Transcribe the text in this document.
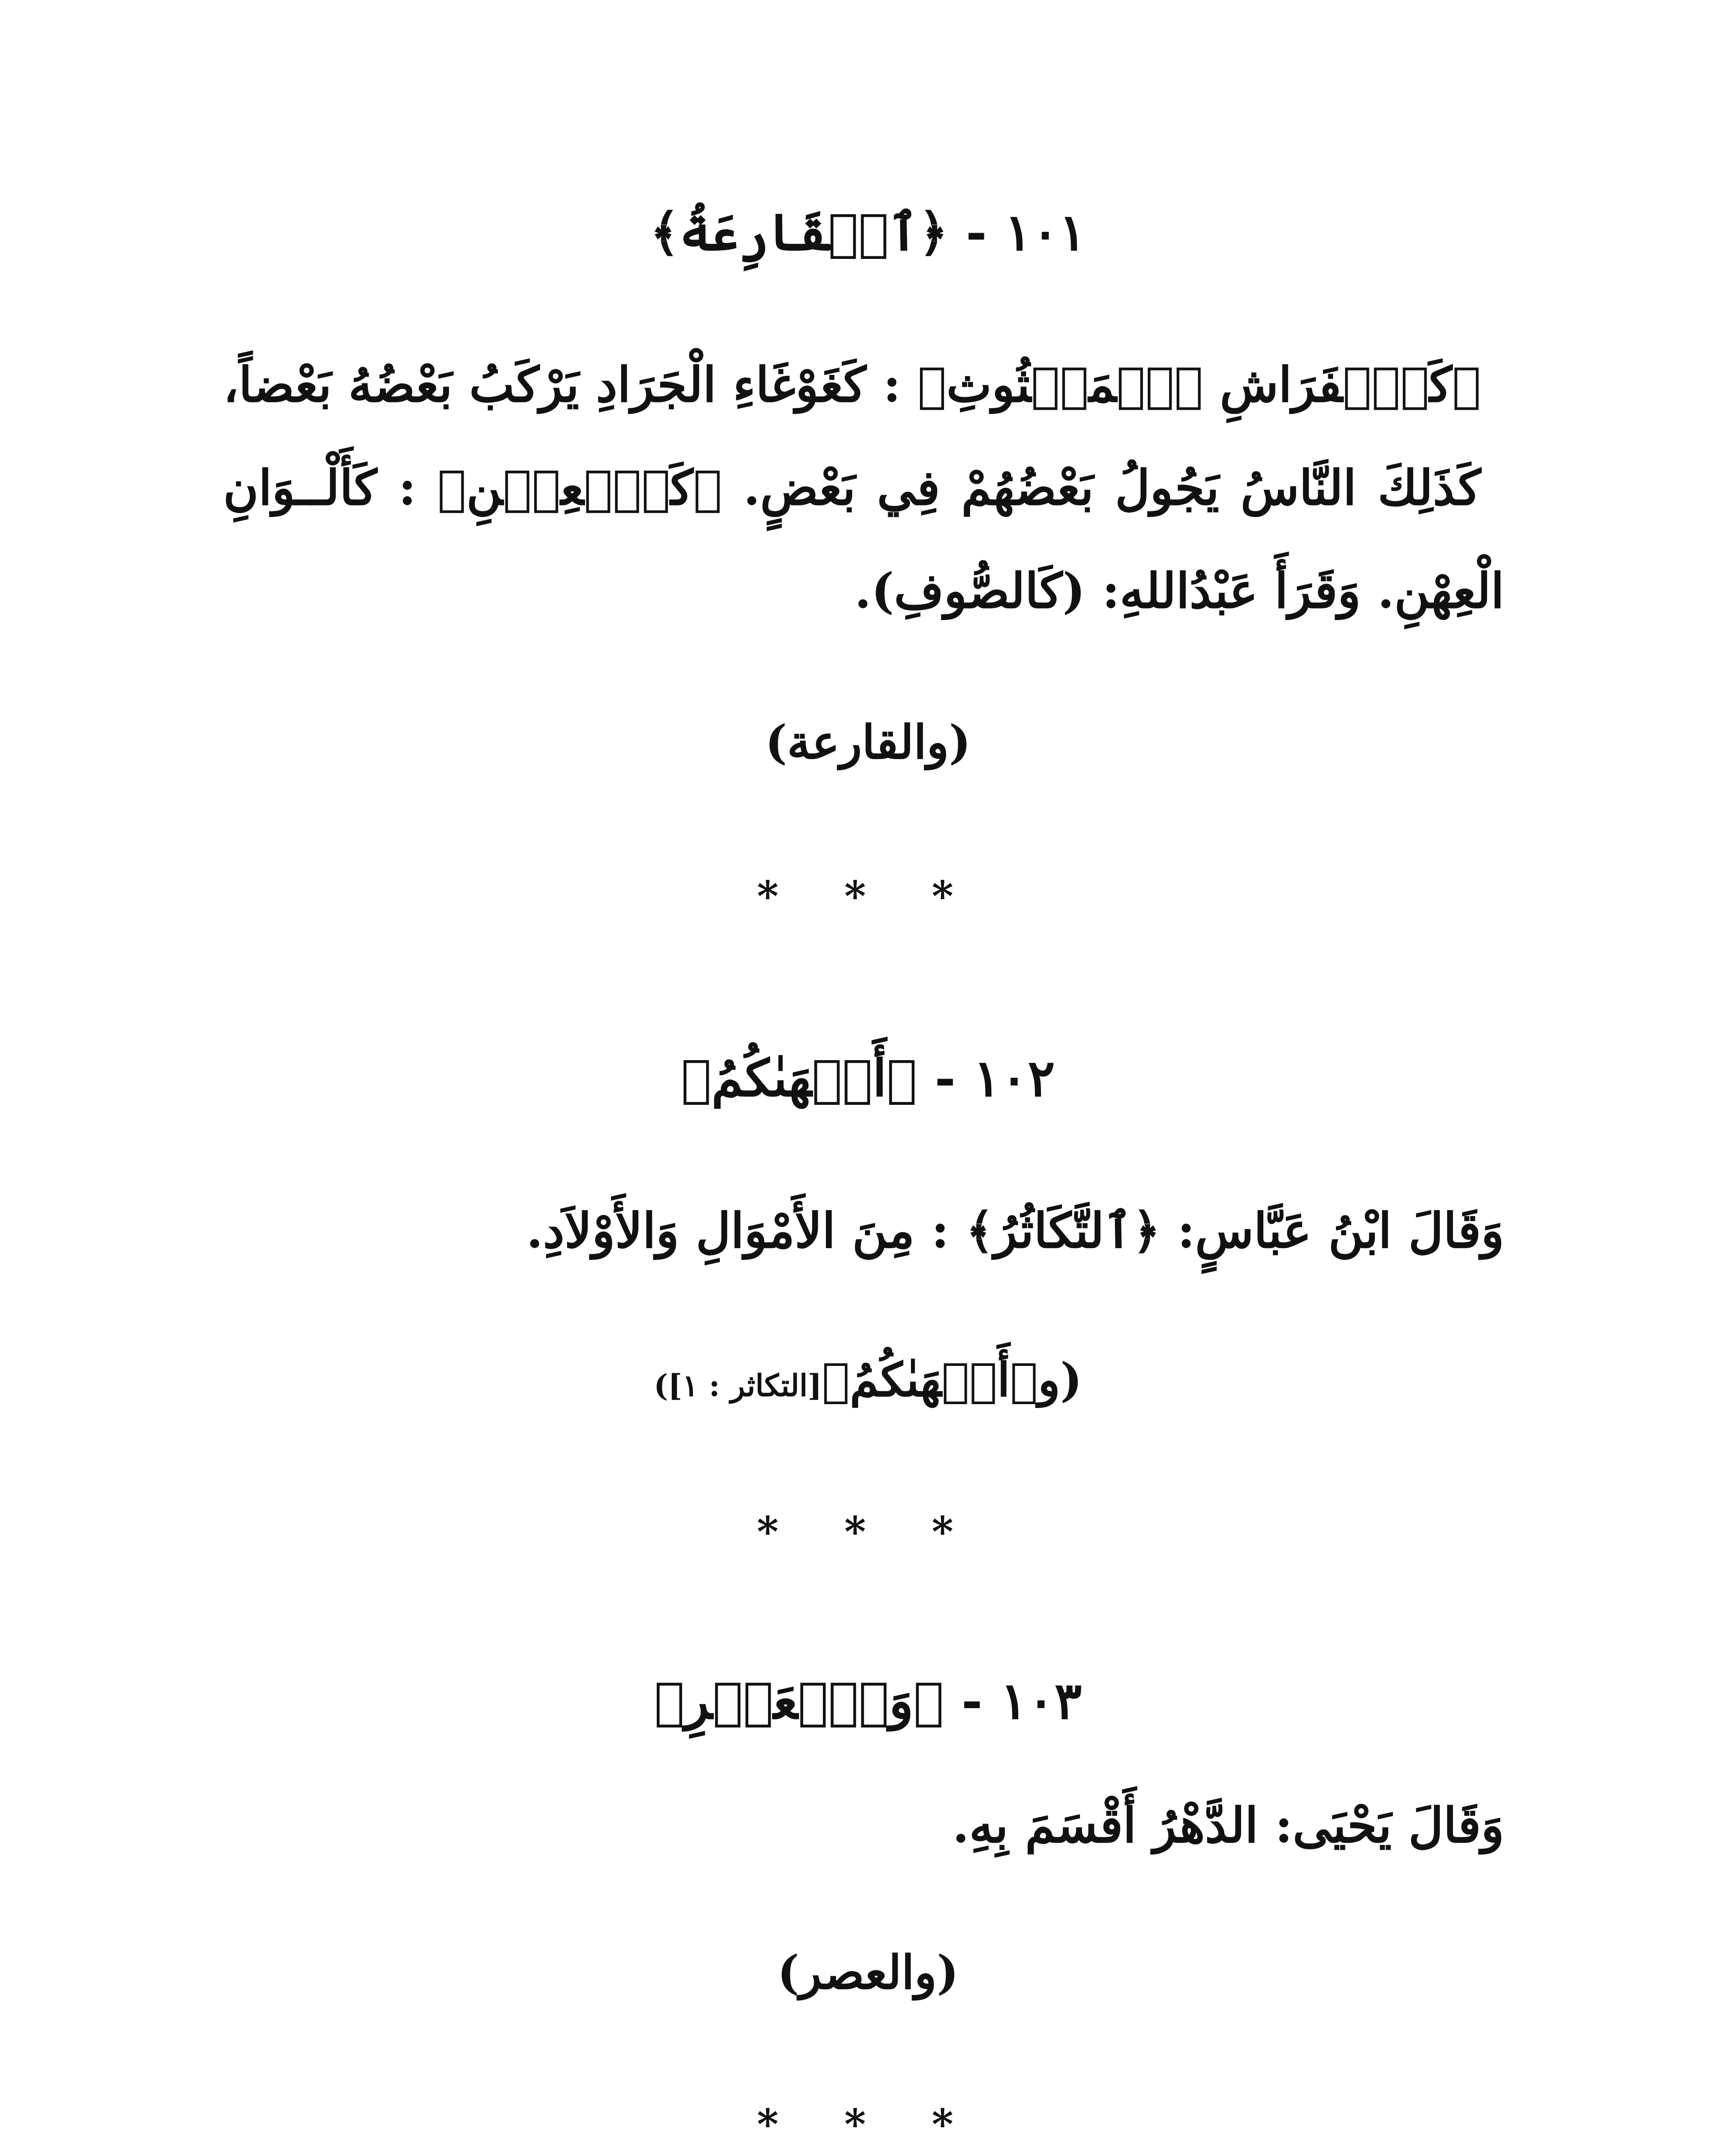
١٠١ - ﴿ٱلۡقَارِعَةُ﴾
﴿كَٱلۡفَرَاشِ ٱلۡمَبۡثُوثِ﴾ : كَغَوْغَاءِ الْجَرَادِ يَرْكَبُ بَعْضُهُ بَعْضاً،
كَذَلِكَ النَّاسُ يَجُولُ بَعْضُهُمْ فِي بَعْضٍ. ﴿كَٱلۡعِهۡنِ﴾ : كَأَلْــوَانِ
الْعِهْنِ. وَقَرَأَ عَبْدُاللهِ: (كَالصُّوفِ).
(والقارعة)
* * *
١٠٢ - ﴿أَلۡهَىٰكُمُ﴾
وَقَالَ ابْنُ عَبَّاسٍ: ﴿ٱلتَّكَاثُرُ﴾ : مِنَ الأَمْوَالِ وَالأَوْلاَدِ.
(و﴿أَلۡهَىٰكُمُ﴾[التكاثر : ١])
* * *
١٠٣ - ﴿وَٱلۡعَصۡرِ﴾
وَقَالَ يَحْيَى: الدَّهْرُ أَقْسَمَ بِهِ.
(والعصر)
* * *
